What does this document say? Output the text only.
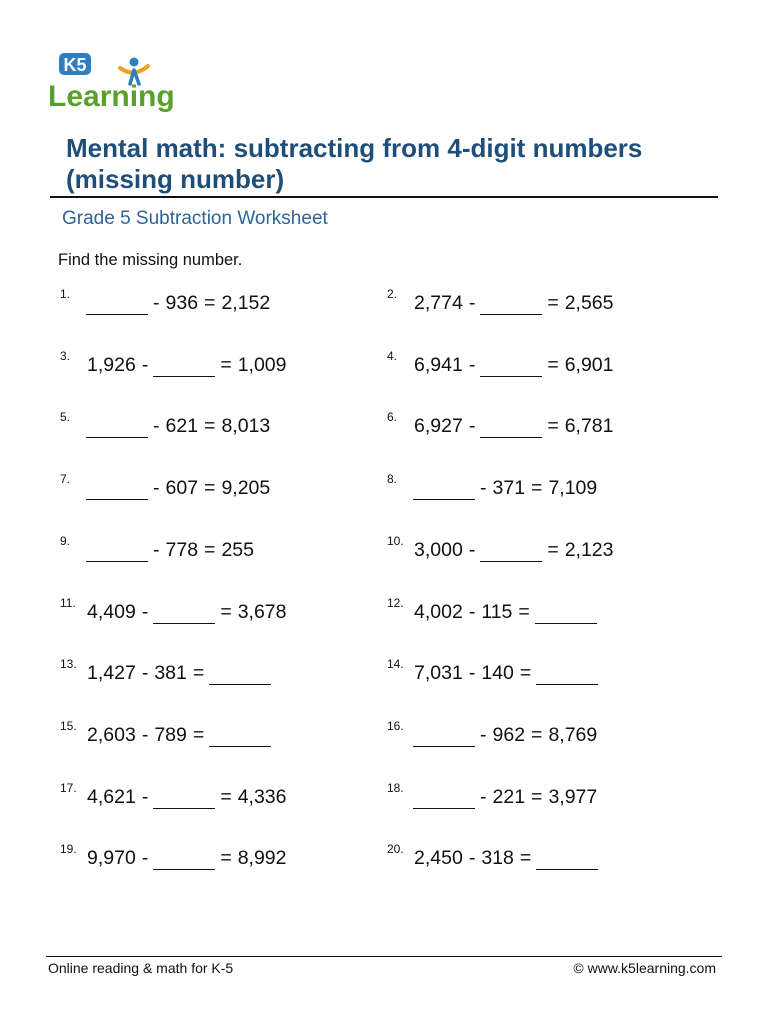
K5
Learning
Mental math: subtracting from 4-digit numbers (missing number)
Grade 5 Subtraction Worksheet
Find the missing number.
1.	- 936 = 2,152	2. 2,774 -	= 2,565
3. 1,926 -	= 1,009	4. 6,941 -	= 6,901
5.	- 621 = 8,013	6. 6,927 -	= 6,781
7.	- 607 = 9,205	8.	- 371 = 7,109
9.	- 778 = 255	10. 3,000 -	= 2,123
11. 4,409 -	= 3,678	12. 4,002 - 115 =
13. 1,427 - 381 =	14. 7,031 - 140 =
15. 2,603 - 789 =	16.	- 962 = 8,769
17. 4,621 -	= 4,336	18.	- 221 = 3,977
19. 9,970 -	= 8,992	20. 2,450 - 318 =
Online reading & math for K-5	© www.k5learning.com
